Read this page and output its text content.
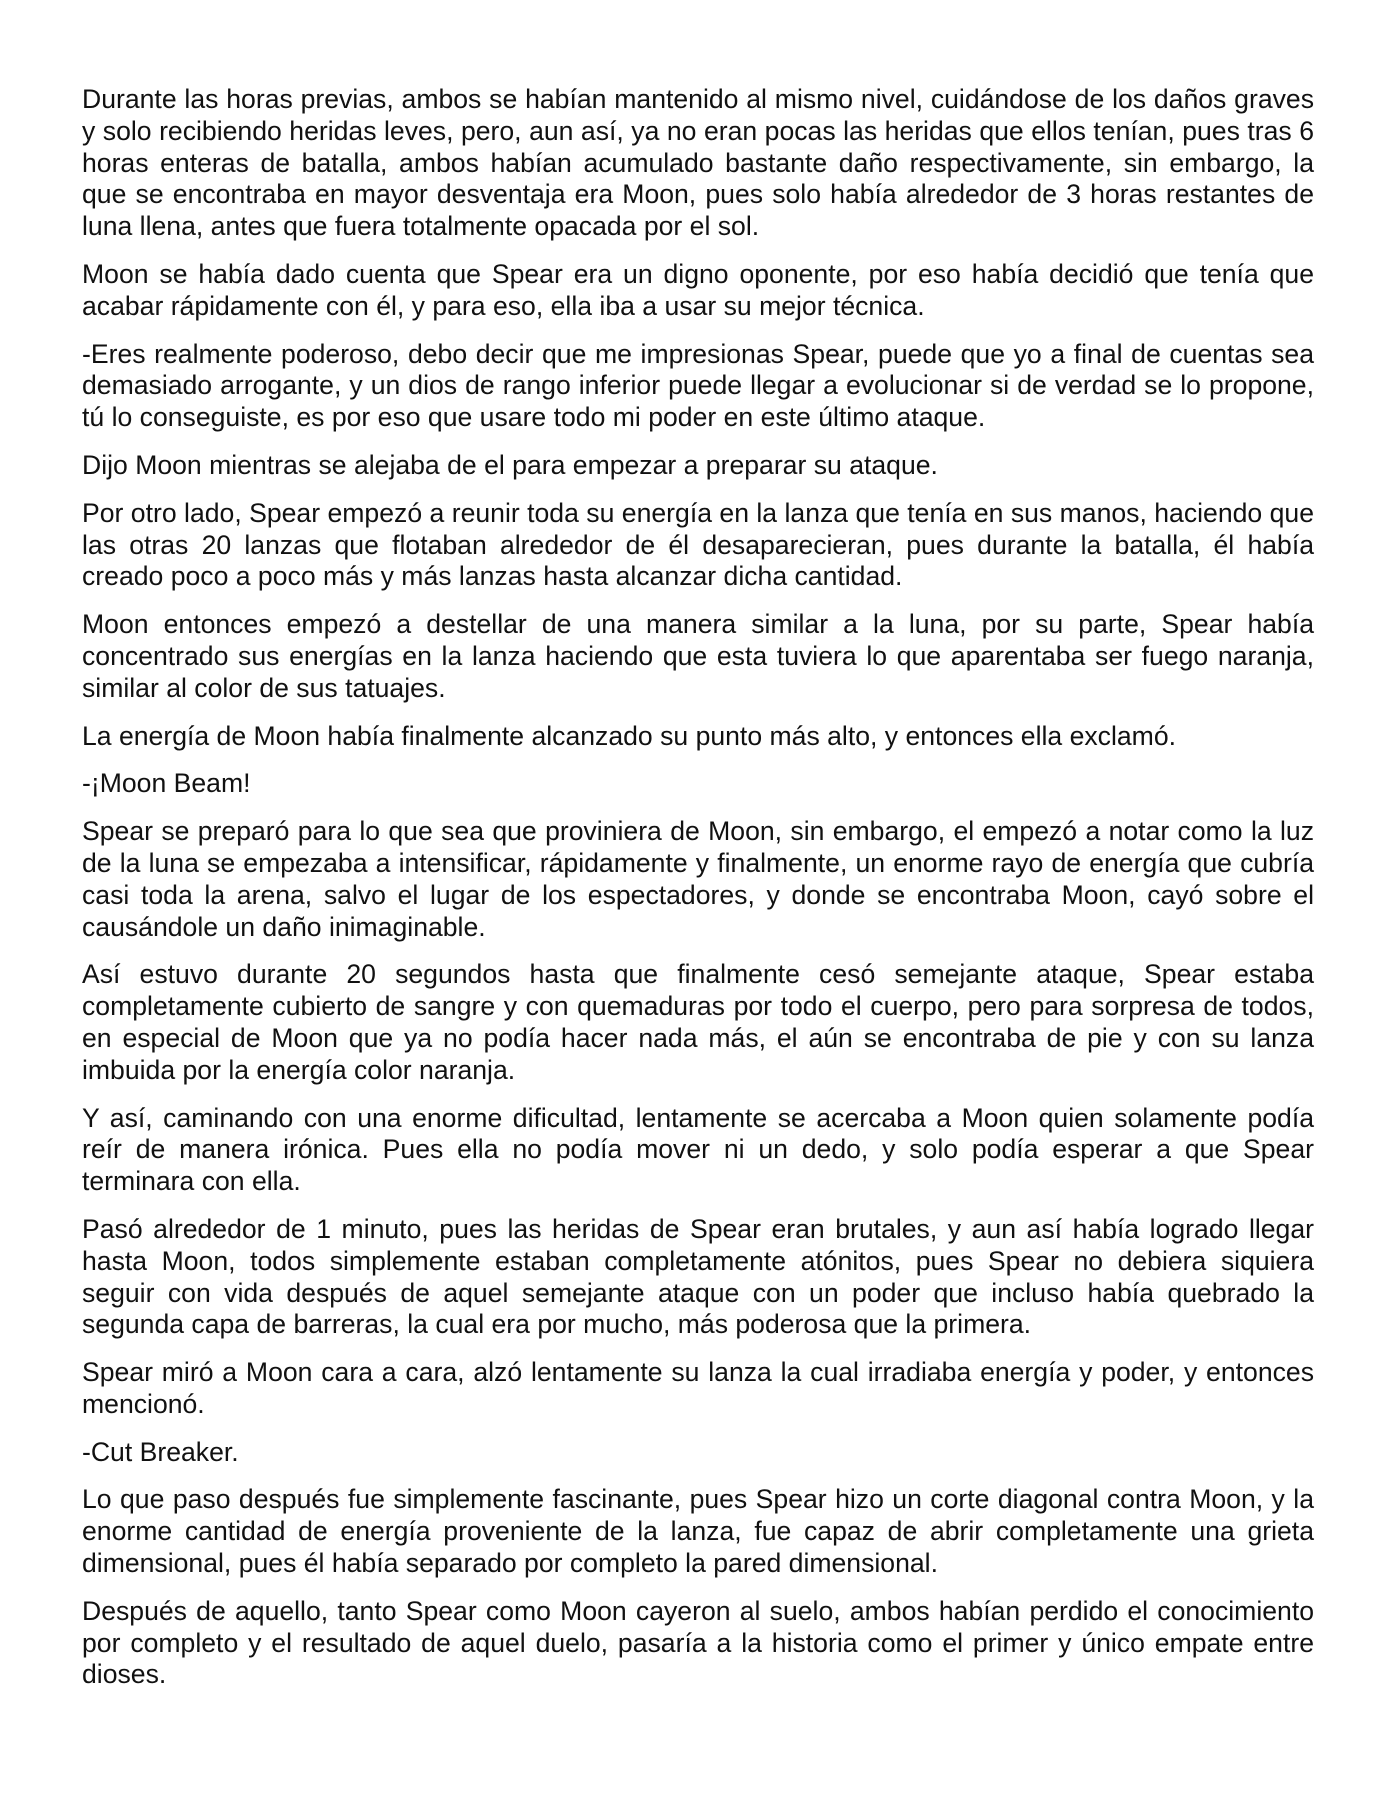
Durante las horas previas, ambos se habían mantenido al mismo nivel, cuidándose de los daños graves y solo recibiendo heridas leves, pero, aun así, ya no eran pocas las heridas que ellos tenían, pues tras 6 horas enteras de batalla, ambos habían acumulado bastante daño respectivamente, sin embargo, la que se encontraba en mayor desventaja era Moon, pues solo había alrededor de 3 horas restantes de luna llena, antes que fuera totalmente opacada por el sol.

Moon se había dado cuenta que Spear era un digno oponente, por eso había decidió que tenía que acabar rápidamente con él, y para eso, ella iba a usar su mejor técnica.

-Eres realmente poderoso, debo decir que me impresionas Spear, puede que yo a final de cuentas sea demasiado arrogante, y un dios de rango inferior puede llegar a evolucionar si de verdad se lo propone, tú lo conseguiste, es por eso que usare todo mi poder en este último ataque.

Dijo Moon mientras se alejaba de el para empezar a preparar su ataque.

Por otro lado, Spear empezó a reunir toda su energía en la lanza que tenía en sus manos, haciendo que las otras 20 lanzas que flotaban alrededor de él desaparecieran, pues durante la batalla, él había creado poco a poco más y más lanzas hasta alcanzar dicha cantidad.

Moon entonces empezó a destellar de una manera similar a la luna, por su parte, Spear había concentrado sus energías en la lanza haciendo que esta tuviera lo que aparentaba ser fuego naranja, similar al color de sus tatuajes.

La energía de Moon había finalmente alcanzado su punto más alto, y entonces ella exclamó.

-¡Moon Beam!

Spear se preparó para lo que sea que proviniera de Moon, sin embargo, el empezó a notar como la luz de la luna se empezaba a intensificar, rápidamente y finalmente, un enorme rayo de energía que cubría casi toda la arena, salvo el lugar de los espectadores, y donde se encontraba Moon, cayó sobre el causándole un daño inimaginable.

Así estuvo durante 20 segundos hasta que finalmente cesó semejante ataque, Spear estaba completamente cubierto de sangre y con quemaduras por todo el cuerpo, pero para sorpresa de todos, en especial de Moon que ya no podía hacer nada más, el aún se encontraba de pie y con su lanza imbuida por la energía color naranja.

Y así, caminando con una enorme dificultad, lentamente se acercaba a Moon quien solamente podía reír de manera irónica. Pues ella no podía mover ni un dedo, y solo podía esperar a que Spear terminara con ella.

Pasó alrededor de 1 minuto, pues las heridas de Spear eran brutales, y aun así había logrado llegar hasta Moon, todos simplemente estaban completamente atónitos, pues Spear no debiera siquiera seguir con vida después de aquel semejante ataque con un poder que incluso había quebrado la segunda capa de barreras, la cual era por mucho, más poderosa que la primera.

Spear miró a Moon cara a cara, alzó lentamente su lanza la cual irradiaba energía y poder, y entonces mencionó.

-Cut Breaker.

Lo que paso después fue simplemente fascinante, pues Spear hizo un corte diagonal contra Moon, y la enorme cantidad de energía proveniente de la lanza, fue capaz de abrir completamente una grieta dimensional, pues él había separado por completo la pared dimensional.

Después de aquello, tanto Spear como Moon cayeron al suelo, ambos habían perdido el conocimiento por completo y el resultado de aquel duelo, pasaría a la historia como el primer y único empate entre dioses.
